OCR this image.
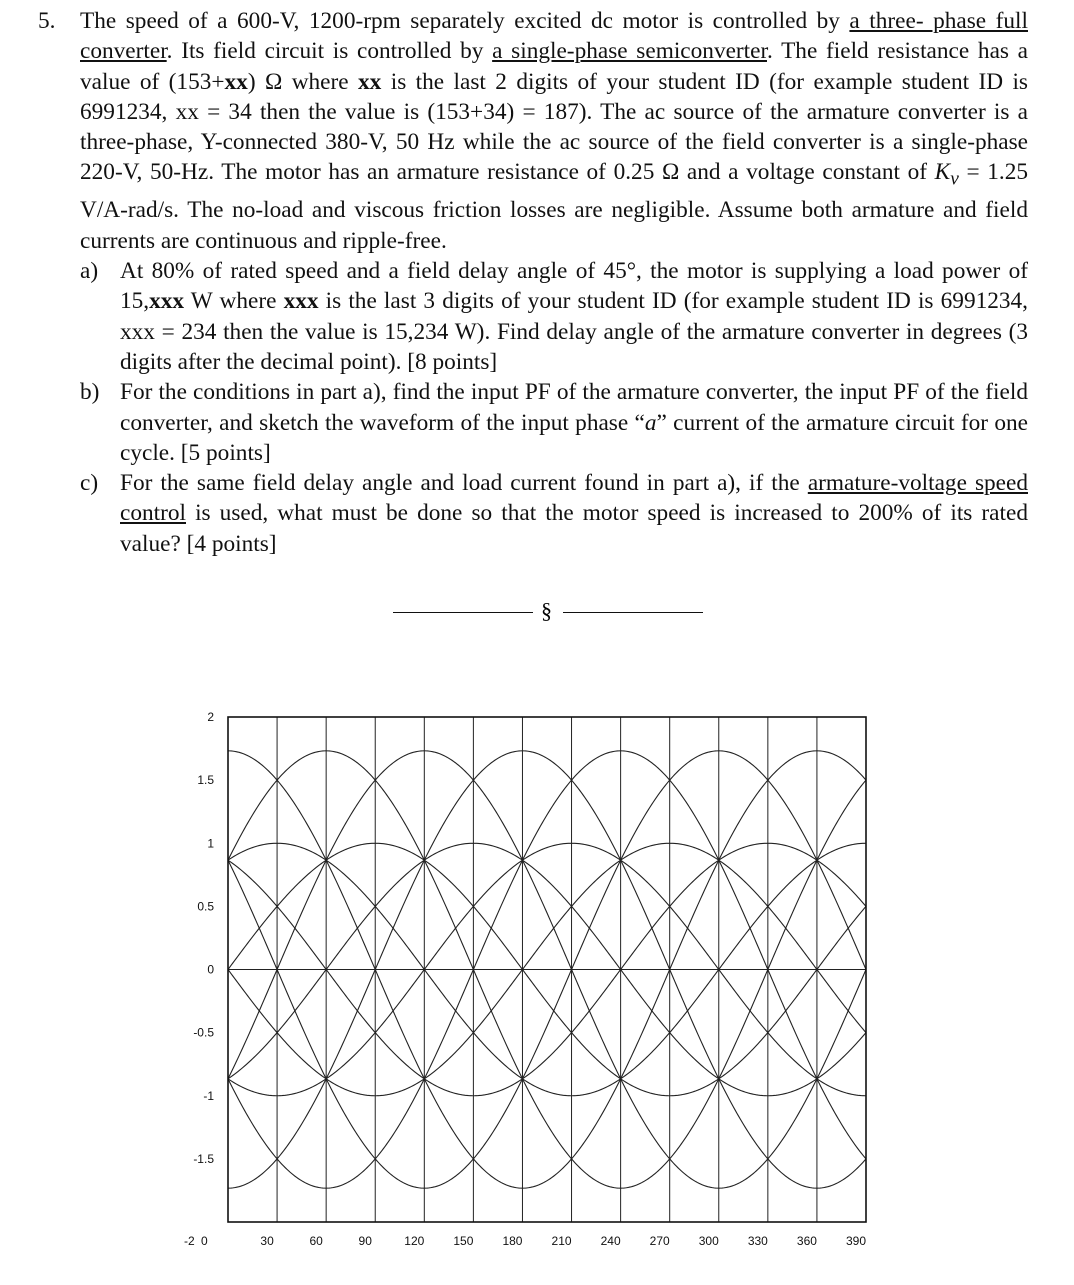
5.	The speed of a 600-V, 1200-rpm separately excited dc motor is controlled by a three- phase full converter. Its field circuit is controlled by a single-phase semiconverter. The field resistance has a value of (153+xx) Ω where xx is the last 2 digits of your student ID (for example student ID is 6991234, xx = 34 then the value is (153+34) = 187). The ac source of the armature converter is a three-phase, Y-connected 380-V, 50 Hz while the ac source of the field converter is a single-phase 220-V, 50-Hz. The motor has an armature resistance of 0.25 Ω and a voltage constant of $K_v = 1.25$ V/A-rad/s. The no-load and viscous friction losses are negligible. Assume both armature and field currents are continuous and ripple-free.
a) At 80% of rated speed and a field delay angle of 45°, the motor is supplying a load power of 15,xxx W where xxx is the last 3 digits of your student ID (for example student ID is 6991234, xxx = 234 then the value is 15,234 W). Find delay angle of the armature converter in degrees (3 digits after the decimal point). [8 points]
b) For the conditions in part a), find the input PF of the armature converter, the input PF of the field converter, and sketch the waveform of the input phase “a” current of the armature circuit for one cycle. [5 points]
c) For the same field delay angle and load current found in part a), if the armature-voltage speed control is used, what must be done so that the motor speed is increased to 200% of its rated value? [4 points]
§
2
1.5
1
0.5
0
-0.5
-1
-1.5
-2 0	30	60	90	120 150 180 210 240 270 300 330 360 390
